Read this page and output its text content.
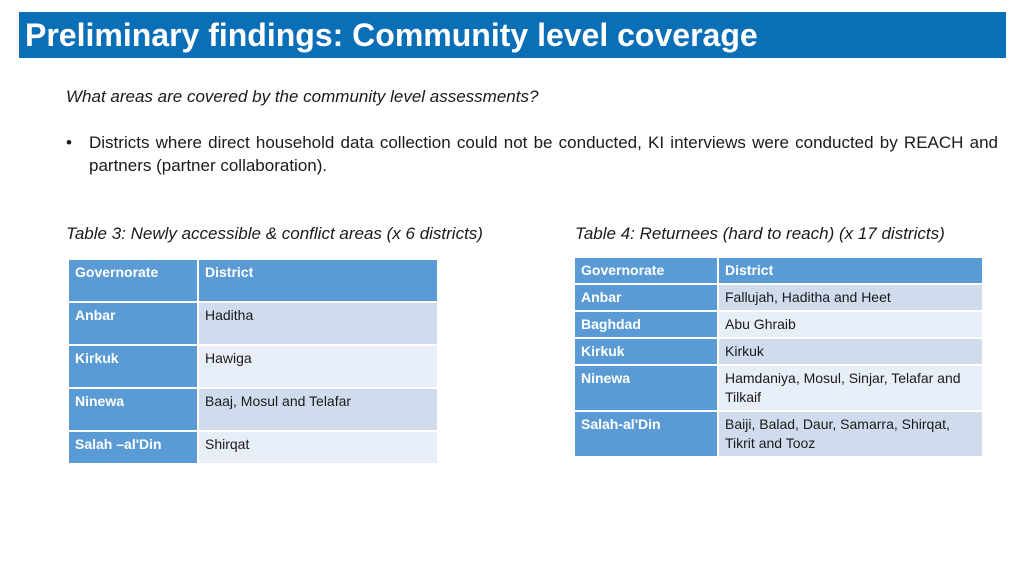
Preliminary findings: Community level coverage
What areas are covered by the community level assessments?
• Districts where direct household data collection could not be conducted, KI interviews were conducted by REACH and partners (partner collaboration).
Table 3: Newly accessible & conflict areas (x 6 districts)	Table 4: Returnees (hard to reach) (x 17 districts)
Governorate	District
Anbar	Haditha
Kirkuk	Hawiga
Ninewa	Baaj, Mosul and Telafar
Salah –al'Din	Shirqat
Governorate	District
Anbar	Fallujah, Haditha and Heet
Baghdad	Abu Ghraib
Kirkuk	Kirkuk
Ninewa	Hamdaniya, Mosul, Sinjar, Telafar and Tilkaif
Salah-al'Din	Baiji, Balad, Daur, Samarra, Shirqat, Tikrit and Tooz
